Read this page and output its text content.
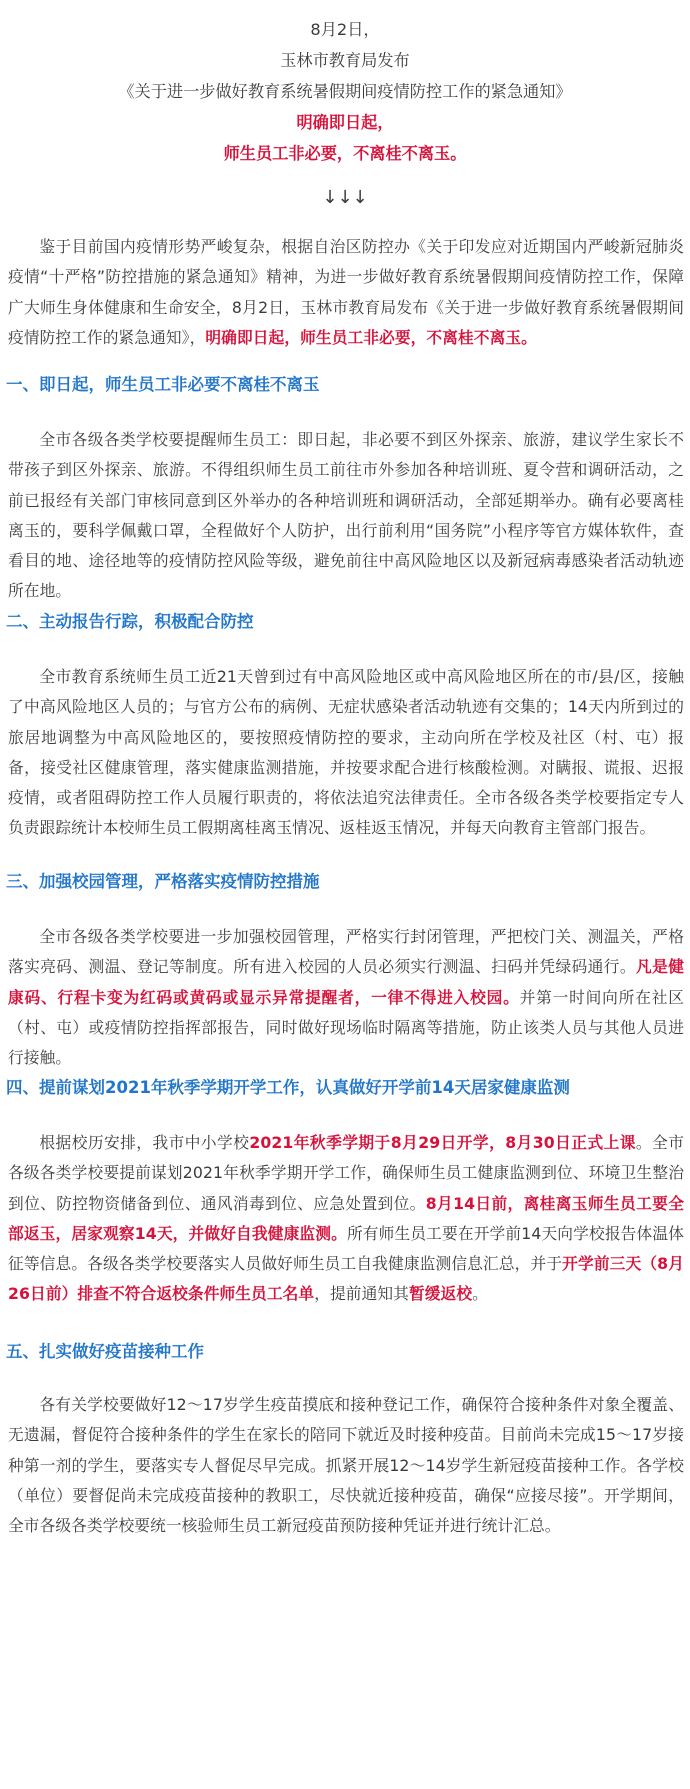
8月2日，
玉林市教育局发布
《关于进一步做好教育系统暑假期间疫情防控工作的紧急通知》
明确即日起，
师生员工非必要，不离桂不离玉。
↓↓↓

鉴于目前国内疫情形势严峻复杂，根据自治区防控办《关于印发应对近期国内严峻新冠肺炎疫情“十严格”防控措施的紧急通知》精神，为进一步做好教育系统暑假期间疫情防控工作，保障广大师生身体健康和生命安全，8月2日，玉林市教育局发布《关于进一步做好教育系统暑假期间疫情防控工作的紧急通知》，明确即日起，师生员工非必要，不离桂不离玉。

一、即日起，师生员工非必要不离桂不离玉

全市各级各类学校要提醒师生员工：即日起，非必要不到区外探亲、旅游，建议学生家长不带孩子到区外探亲、旅游。不得组织师生员工前往市外参加各种培训班、夏令营和调研活动，之前已报经有关部门审核同意到区外举办的各种培训班和调研活动，全部延期举办。确有必要离桂离玉的，要科学佩戴口罩，全程做好个人防护，出行前利用“国务院”小程序等官方媒体软件，查看目的地、途径地等的疫情防控风险等级，避免前往中高风险地区以及新冠病毒感染者活动轨迹所在地。

二、主动报告行踪，积极配合防控

全市教育系统师生员工近21天曾到过有中高风险地区或中高风险地区所在的市/县/区，接触了中高风险地区人员的；与官方公布的病例、无症状感染者活动轨迹有交集的；14天内所到过的旅居地调整为中高风险地区的，要按照疫情防控的要求，主动向所在学校及社区（村、屯）报备，接受社区健康管理，落实健康监测措施，并按要求配合进行核酸检测。对瞒报、谎报、迟报疫情，或者阻碍防控工作人员履行职责的，将依法追究法律责任。全市各级各类学校要指定专人负责跟踪统计本校师生员工假期离桂离玉情况、返桂返玉情况，并每天向教育主管部门报告。

三、加强校园管理，严格落实疫情防控措施

全市各级各类学校要进一步加强校园管理，严格实行封闭管理，严把校门关、测温关，严格落实亮码、测温、登记等制度。所有进入校园的人员必须实行测温、扫码并凭绿码通行。凡是健康码、行程卡变为红码或黄码或显示异常提醒者，一律不得进入校园。并第一时间向所在社区（村、屯）或疫情防控指挥部报告，同时做好现场临时隔离等措施，防止该类人员与其他人员进行接触。

四、提前谋划2021年秋季学期开学工作，认真做好开学前14天居家健康监测

根据校历安排，我市中小学校2021年秋季学期于8月29日开学，8月30日正式上课。全市各级各类学校要提前谋划2021年秋季学期开学工作，确保师生员工健康监测到位、环境卫生整治到位、防控物资储备到位、通风消毒到位、应急处置到位。8月14日前，离桂离玉师生员工要全部返玉，居家观察14天，并做好自我健康监测。所有师生员工要在开学前14天向学校报告体温体征等信息。各级各类学校要落实人员做好师生员工自我健康监测信息汇总，并于开学前三天（8月26日前）排查不符合返校条件师生员工名单，提前通知其暂缓返校。

五、扎实做好疫苗接种工作

各有关学校要做好12～17岁学生疫苗摸底和接种登记工作，确保符合接种条件对象全覆盖、无遗漏，督促符合接种条件的学生在家长的陪同下就近及时接种疫苗。目前尚未完成15～17岁接种第一剂的学生，要落实专人督促尽早完成。抓紧开展12～14岁学生新冠疫苗接种工作。各学校（单位）要督促尚未完成疫苗接种的教职工，尽快就近接种疫苗，确保“应接尽接”。开学期间，全市各级各类学校要统一核验师生员工新冠疫苗预防接种凭证并进行统计汇总。
